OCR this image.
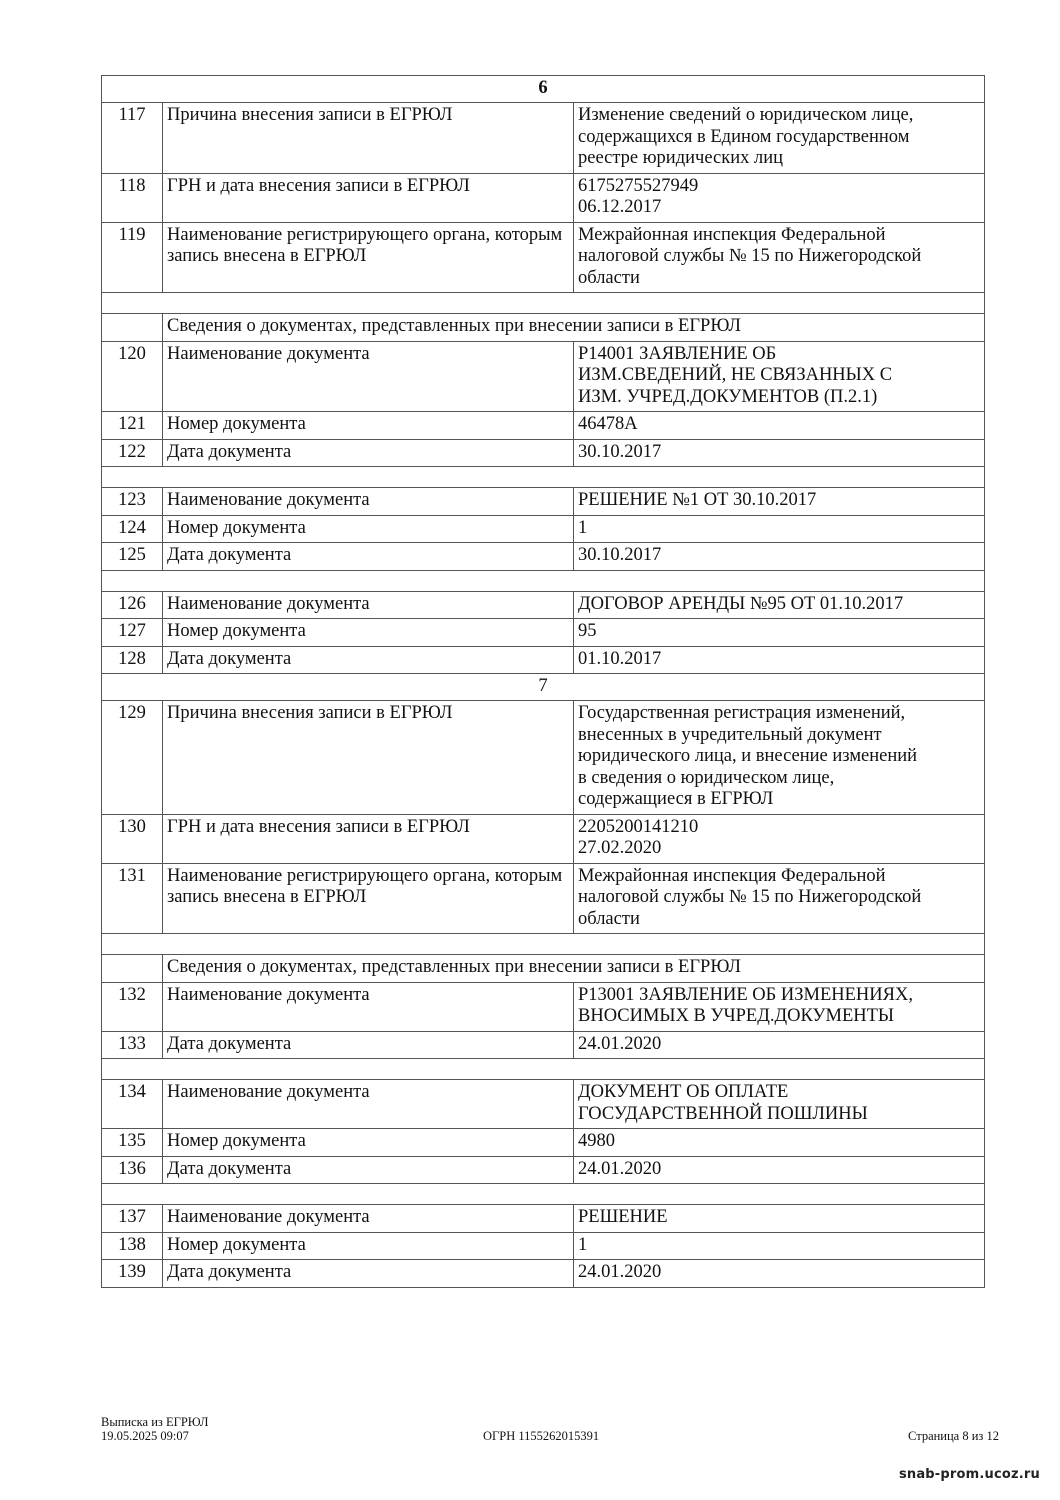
6		
117	Причина внесения записи в ЕГРЮЛ	Изменение сведений о юридическом лице,
содержащихся в Едином государственном
реестре юридических лиц
118	ГРН и дата внесения записи в ЕГРЮЛ	6175275527949
06.12.2017
119	Наименование регистрирующего органа, которым запись внесена в ЕГРЮЛ	Межрайонная инспекция Федеральной
налоговой службы № 15 по Нижегородской
области

	Сведения о документах, представленных при внесении записи в ЕГРЮЛ	
120	Наименование документа	Р14001 ЗАЯВЛЕНИЕ ОБ
ИЗМ.СВЕДЕНИЙ, НЕ СВЯЗАННЫХ С
ИЗМ. УЧРЕД.ДОКУМЕНТОВ (П.2.1)
121	Номер документа	46478А
122	Дата документа	30.10.2017

123	Наименование документа	РЕШЕНИЕ №1 ОТ 30.10.2017
124	Номер документа	1
125	Дата документа	30.10.2017

126	Наименование документа	ДОГОВОР АРЕНДЫ №95 ОТ 01.10.2017
127	Номер документа	95
128	Дата документа	01.10.2017
7		
129	Причина внесения записи в ЕГРЮЛ	Государственная регистрация изменений,
внесенных в учредительный документ
юридического лица, и внесение изменений
в сведения о юридическом лице,
содержащиеся в ЕГРЮЛ
130	ГРН и дата внесения записи в ЕГРЮЛ	2205200141210
27.02.2020
131	Наименование регистрирующего органа, которым запись внесена в ЕГРЮЛ	Межрайонная инспекция Федеральной
налоговой службы № 15 по Нижегородской
области

	Сведения о документах, представленных при внесении записи в ЕГРЮЛ	
132	Наименование документа	Р13001 ЗАЯВЛЕНИЕ ОБ ИЗМЕНЕНИЯХ,
ВНОСИМЫХ В УЧРЕД.ДОКУМЕНТЫ
133	Дата документа	24.01.2020

134	Наименование документа	ДОКУМЕНТ ОБ ОПЛАТЕ
ГОСУДАРСТВЕННОЙ ПОШЛИНЫ
135	Номер документа	4980
136	Дата документа	24.01.2020

137	Наименование документа	РЕШЕНИЕ
138	Номер документа	1
139	Дата документа	24.01.2020
Выписка из ЕГРЮЛ
19.05.2025 09:07	ОГРН 1155262015391	Страница 8 из 12
snab-prom.ucoz.ru
